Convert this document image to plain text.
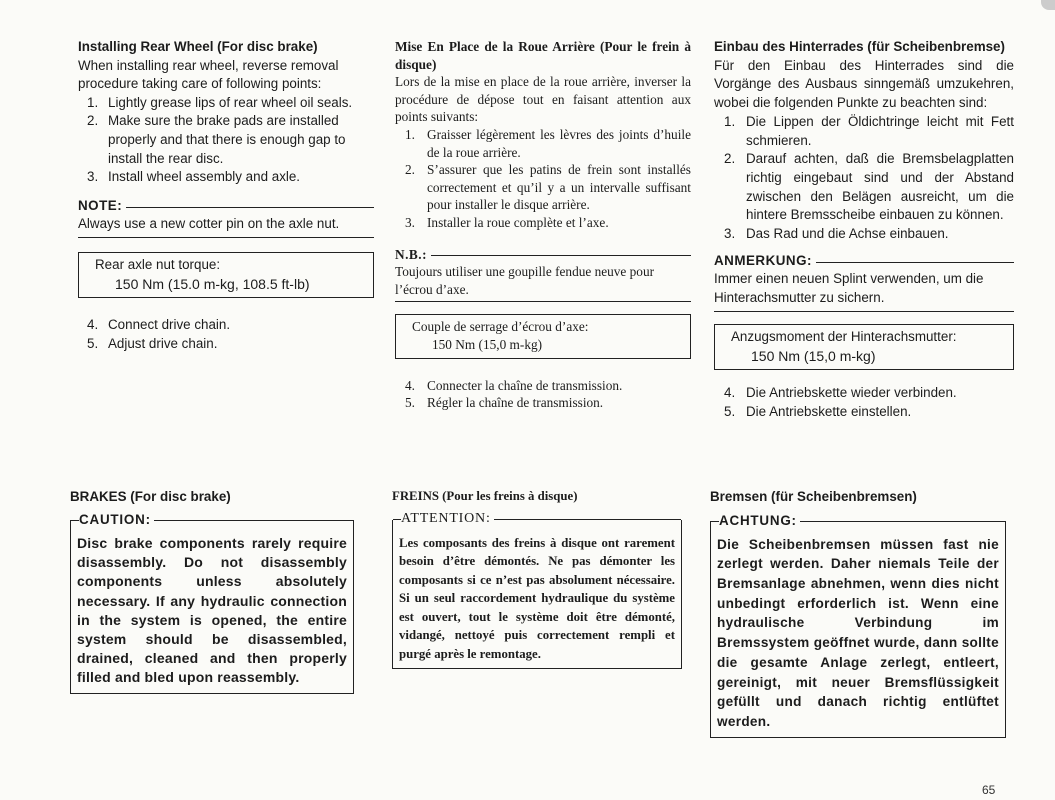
Installing Rear Wheel (For disc brake)
When installing rear wheel, reverse removal procedure taking care of following points:
1. Lightly grease lips of rear wheel oil seals.
2. Make sure the brake pads are installed properly and that there is enough gap to install the rear disc.
3. Install wheel assembly and axle.
NOTE:
Always use a new cotter pin on the axle nut.
Rear axle nut torque:
150 Nm (15.0 m-kg, 108.5 ft-lb)
4. Connect drive chain.
5. Adjust drive chain.
Mise En Place de la Roue Arrière (Pour le frein à disque)
Lors de la mise en place de la roue arrière, inverser la procédure de dépose tout en faisant attention aux points suivants:
1. Graisser légèrement les lèvres des joints d’huile de la roue arrière.
2. S’assurer que les patins de frein sont installés correctement et qu’il y a un intervalle suffisant pour installer le disque arrière.
3. Installer la roue complète et l’axe.
N.B.:
Toujours utiliser une goupille fendue neuve pour l’écrou d’axe.
Couple de serrage d’écrou d’axe:
150 Nm (15,0 m-kg)
4. Connecter la chaîne de transmission.
5. Régler la chaîne de transmission.
Einbau des Hinterrades (für Scheibenbremse)
Für den Einbau des Hinterrades sind die Vorgänge des Ausbaus sinngemäß umzukehren, wobei die folgenden Punkte zu beachten sind:
1. Die Lippen der Öldichtringe leicht mit Fett schmieren.
2. Darauf achten, daß die Bremsbelagplatten richtig eingebaut sind und der Abstand zwischen den Belägen ausreicht, um die hintere Bremsscheibe einbauen zu können.
3. Das Rad und die Achse einbauen.
ANMERKUNG:
Immer einen neuen Splint verwenden, um die Hinterachsmutter zu sichern.
Anzugsmoment der Hinterachsmutter:
150 Nm (15,0 m-kg)
4. Die Antriebskette wieder verbinden.
5. Die Antriebskette einstellen.
BRAKES (For disc brake)
CAUTION:
Disc brake components rarely require disassembly. Do not disassembly components unless absolutely necessary. If any hydraulic connection in the system is opened, the entire system should be disassembled, drained, cleaned and then properly filled and bled upon reassembly.
FREINS (Pour les freins à disque)
ATTENTION:
Les composants des freins à disque ont rarement besoin d’être démontés. Ne pas démonter les composants si ce n’est pas absolument nécessaire. Si un seul raccordement hydraulique du système est ouvert, tout le système doit être démonté, vidangé, nettoyé puis correctement rempli et purgé après le remontage.
Bremsen (für Scheibenbremsen)
ACHTUNG:
Die Scheibenbremsen müssen fast nie zerlegt werden. Daher niemals Teile der Bremsanlage abnehmen, wenn dies nicht unbedingt erforderlich ist. Wenn eine hydraulische Verbindung im Bremssystem geöffnet wurde, dann sollte die gesamte Anlage zerlegt, entleert, gereinigt, mit neuer Bremsflüssigkeit gefüllt und danach richtig entlüftet werden.
65
